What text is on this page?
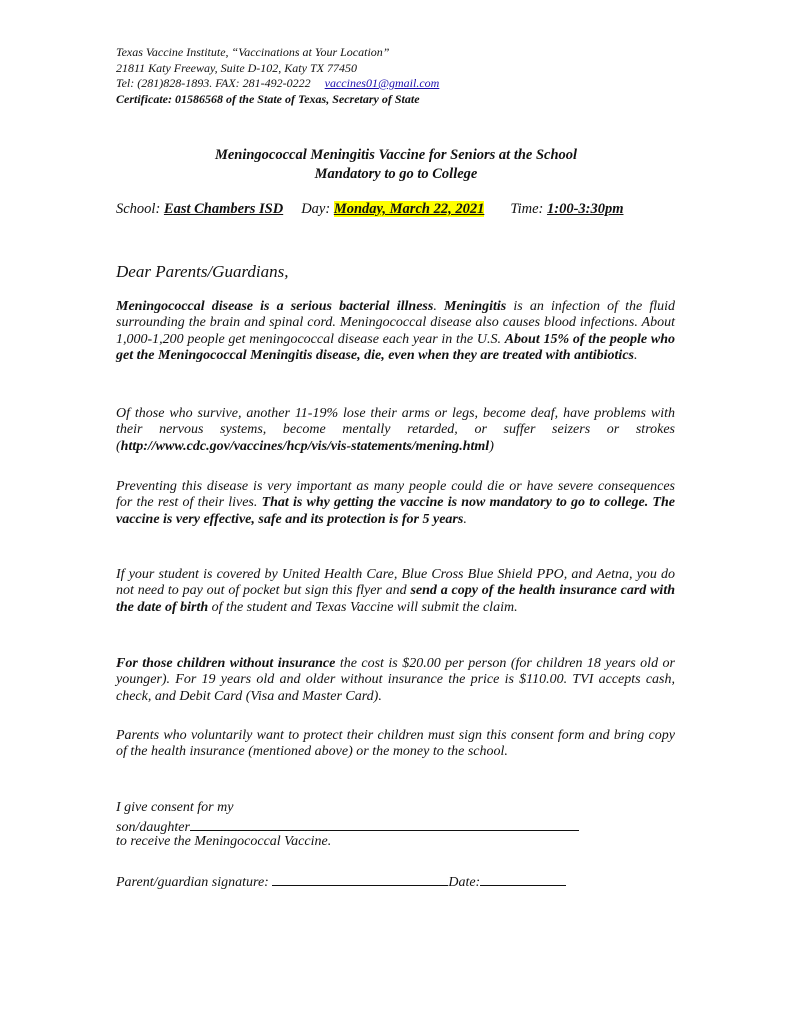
Texas Vaccine Institute, “Vaccinations at Your Location”
21811 Katy Freeway, Suite D-102, Katy TX 77450
Tel: (281)828-1893. FAX: 281-492-0222 vaccines01@gmail.com
Certificate: 01586568 of the State of Texas, Secretary of State
Meningococcal Meningitis Vaccine for Seniors at the School
Mandatory to go to College
School: East Chambers ISD Day: Monday, March 22, 2021 Time: 1:00-3:30pm
Dear Parents/Guardians,

Meningococcal disease is a serious bacterial illness. Meningitis is an infection of the fluid surrounding the brain and spinal cord. Meningococcal disease also causes blood infections. About 1,000-1,200 people get meningococcal disease each year in the U.S. About 15% of the people who get the Meningococcal Meningitis disease, die, even when they are treated with antibiotics.

Of those who survive, another 11-19% lose their arms or legs, become deaf, have problems with their nervous systems, become mentally retarded, or suffer seizers or strokes (http://www.cdc.gov/vaccines/hcp/vis/vis-statements/mening.html)

Preventing this disease is very important as many people could die or have severe consequences for the rest of their lives. That is why getting the vaccine is now mandatory to go to college. The vaccine is very effective, safe and its protection is for 5 years.

If your student is covered by United Health Care, Blue Cross Blue Shield PPO, and Aetna, you do not need to pay out of pocket but sign this flyer and send a copy of the health insurance card with the date of birth of the student and Texas Vaccine will submit the claim.

For those children without insurance the cost is $20.00 per person (for children 18 years old or younger). For 19 years old and older without insurance the price is $110.00. TVI accepts cash, check, and Debit Card (Visa and Master Card).

Parents who voluntarily want to protect their children must sign this consent form and bring copy of the health insurance (mentioned above) or the money to the school.

I give consent for my
son/daughter
to receive the Meningococcal Vaccine.
Parent/guardian signature:	Date:
